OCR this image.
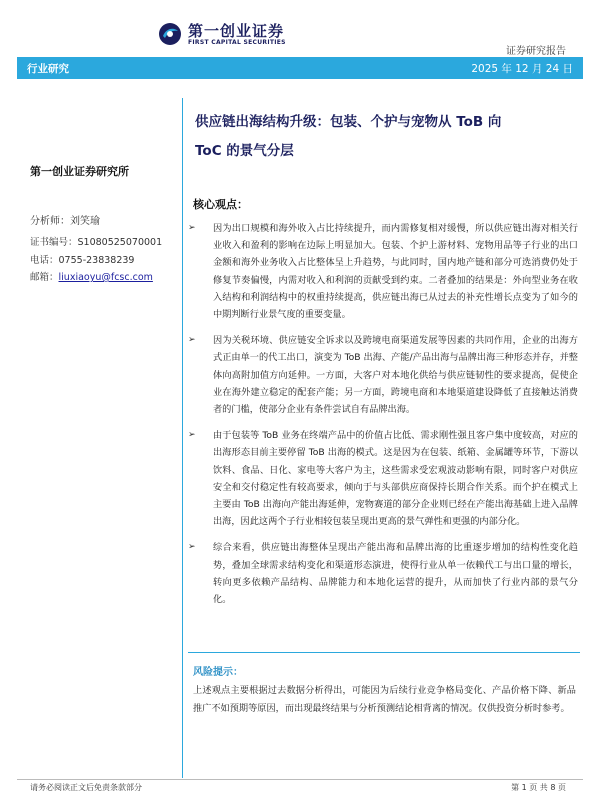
第一创业证券
FIRST CAPITAL SECURITIES
证券研究报告
行业研究	2025 年 12 月 24 日
供应链出海结构升级：包装、个护与宠物从 ToB 向
ToC 的景气分层
第一创业证券研究所
分析师：刘笑瑜
证书编号：S1080525070001
电话：0755-23838239
邮箱：liuxiaoyu@fcsc.com
核心观点：
➢ 因为出口规模和海外收入占比持续提升，而内需修复相对缓慢，所以供应链出海对相关行业收入和盈利的影响在边际上明显加大。包装、个护上游材料、宠物用品等子行业的出口金额和海外业务收入占比整体呈上升趋势，与此同时，国内地产链和部分可选消费仍处于修复节奏偏慢，内需对收入和利润的贡献受到约束。二者叠加的结果是：外向型业务在收入结构和利润结构中的权重持续提高，供应链出海已从过去的补充性增长点变为了如今的中期判断行业景气度的重要变量。
➢ 因为关税环境、供应链安全诉求以及跨境电商渠道发展等因素的共同作用，企业的出海方式正由单一的代工出口，演变为 ToB 出海、产能/产品出海与品牌出海三种形态并存，并整体向高附加值方向延伸。一方面，大客户对本地化供给与供应链韧性的要求提高，促使企业在海外建立稳定的配套产能；另一方面，跨境电商和本地渠道建设降低了直接触达消费者的门槛，使部分企业有条件尝试自有品牌出海。
➢ 由于包装等 ToB 业务在终端产品中的价值占比低、需求刚性强且客户集中度较高，对应的出海形态目前主要停留 ToB 出海的模式。这是因为在包装、纸箱、金属罐等环节，下游以饮料、食品、日化、家电等大客户为主，这些需求受宏观波动影响有限，同时客户对供应安全和交付稳定性有较高要求，倾向于与头部供应商保持长期合作关系。而个护在模式上主要由 ToB 出海向产能出海延伸，宠物赛道的部分企业则已经在产能出海基础上进入品牌出海，因此这两个子行业相较包装呈现出更高的景气弹性和更强的内部分化。
➢ 综合来看，供应链出海整体呈现出产能出海和品牌出海的比重逐步增加的结构性变化趋势，叠加全球需求结构变化和渠道形态演进，使得行业从单一依赖代工与出口量的增长，转向更多依赖产品结构、品牌能力和本地化运营的提升，从而加快了行业内部的景气分化。
风险提示：
上述观点主要根据过去数据分析得出，可能因为后续行业竞争格局变化、产品价格下降、新品推广不如预期等原因，而出现最终结果与分析预测结论相背离的情况。仅供投资分析时参考。
请务必阅读正文后免责条款部分	第 1 页 共 8 页
